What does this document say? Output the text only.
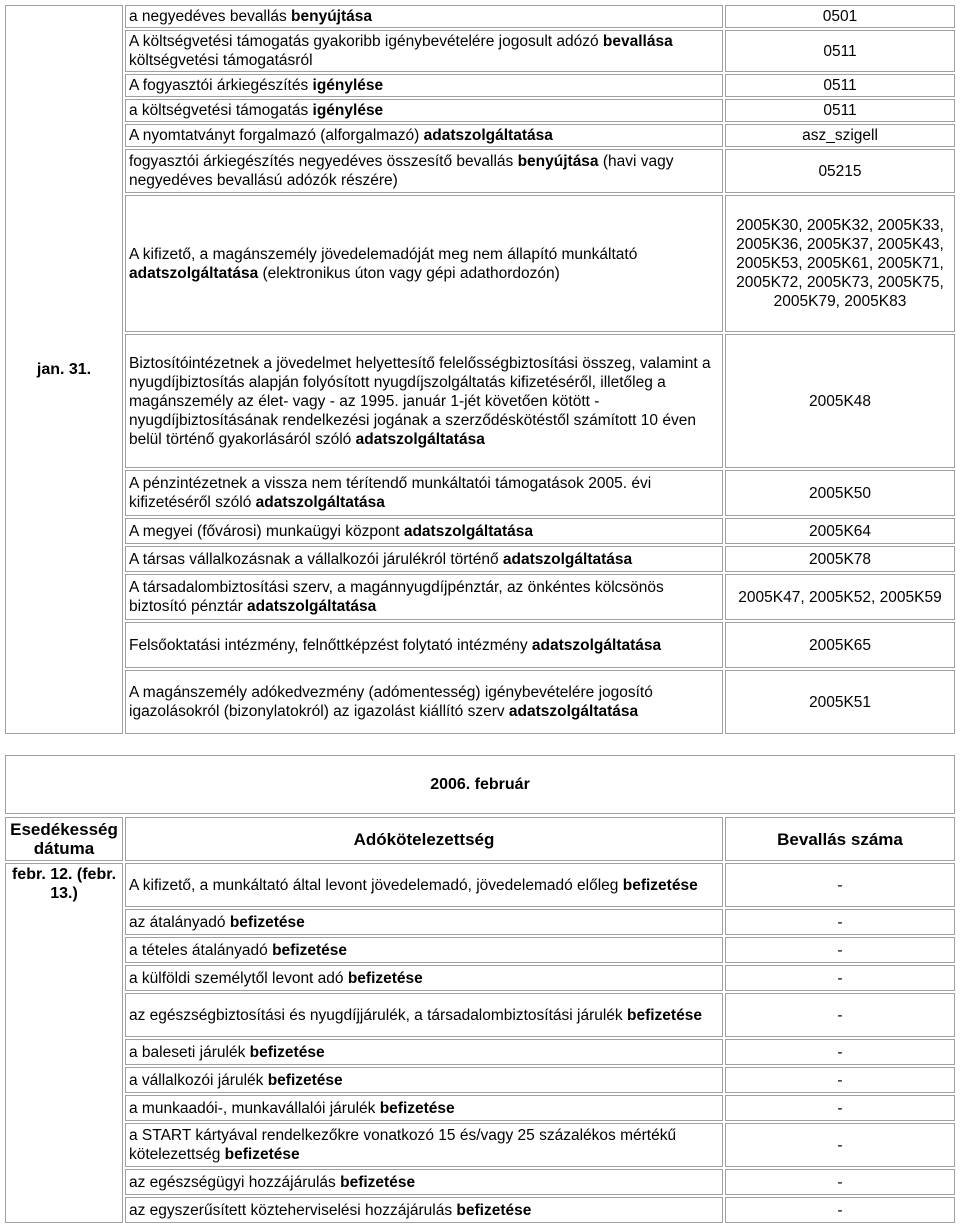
jan. 31.	a negyedéves bevallás benyújtása	0501
	A költségvetési támogatás gyakoribb igénybevételére jogosult adózó bevallása költségvetési támogatásról	0511
	A fogyasztói árkiegészítés igénylése	0511
	a költségvetési támogatás igénylése	0511
	A nyomtatványt forgalmazó (alforgalmazó) adatszolgáltatása	asz_szigell
	fogyasztói árkiegészítés negyedéves összesítő bevallás benyújtása (havi vagy negyedéves bevallású adózók részére)	05215
	A kifizető, a magánszemély jövedelemadóját meg nem állapító munkáltató adatszolgáltatása (elektronikus úton vagy gépi adathordozón)	2005K30, 2005K32, 2005K33, 2005K36, 2005K37, 2005K43, 2005K53, 2005K61, 2005K71, 2005K72, 2005K73, 2005K75, 2005K79, 2005K83
	Biztosítóintézetnek a jövedelmet helyettesítő felelősségbiztosítási összeg, valamint a nyugdíjbiztosítás alapján folyósított nyugdíjszolgáltatás kifizetéséről, illetőleg a magánszemély az élet- vagy - az 1995. január 1-jét követően kötött - nyugdíjbiztosításának rendelkezési jogának a szerződéskötéstől számított 10 éven belül történő gyakorlásáról szóló adatszolgáltatása	2005K48
	A pénzintézetnek a vissza nem térítendő munkáltatói támogatások 2005. évi kifizetéséről szóló adatszolgáltatása	2005K50
	A megyei (fővárosi) munkaügyi központ adatszolgáltatása	2005K64
	A társas vállalkozásnak a vállalkozói járulékról történő adatszolgáltatása	2005K78
	A társadalombiztosítási szerv, a magánnyugdíjpénztár, az önkéntes kölcsönös biztosító pénztár adatszolgáltatása	2005K47, 2005K52, 2005K59
	Felsőoktatási intézmény, felnőttképzést folytató intézmény adatszolgáltatása	2005K65
	A magánszemély adókedvezmény (adómentesség) igénybevételére jogosító igazolásokról (bizonylatokról) az igazolást kiállító szerv adatszolgáltatása	2005K51
2006. február
Esedékesség dátuma	Adókötelezettség	Bevallás száma
febr. 12. (febr. 13.)	A kifizető, a munkáltató által levont jövedelemadó, jövedelemadó előleg befizetése	-
	az átalányadó befizetése	-
	a tételes átalányadó befizetése	-
	a külföldi személytől levont adó befizetése	-
	az egészségbiztosítási és nyugdíjjárulék, a társadalombiztosítási járulék befizetése	-
	a baleseti járulék befizetése	-
	a vállalkozói járulék befizetése	-
	a munkaadói-, munkavállalói járulék befizetése	-
	a START kártyával rendelkezőkre vonatkozó 15 és/vagy 25 százalékos mértékű kötelezettség befizetése	-
	az egészségügyi hozzájárulás befizetése	-
	az egyszerűsített közteherviselési hozzájárulás befizetése	-
